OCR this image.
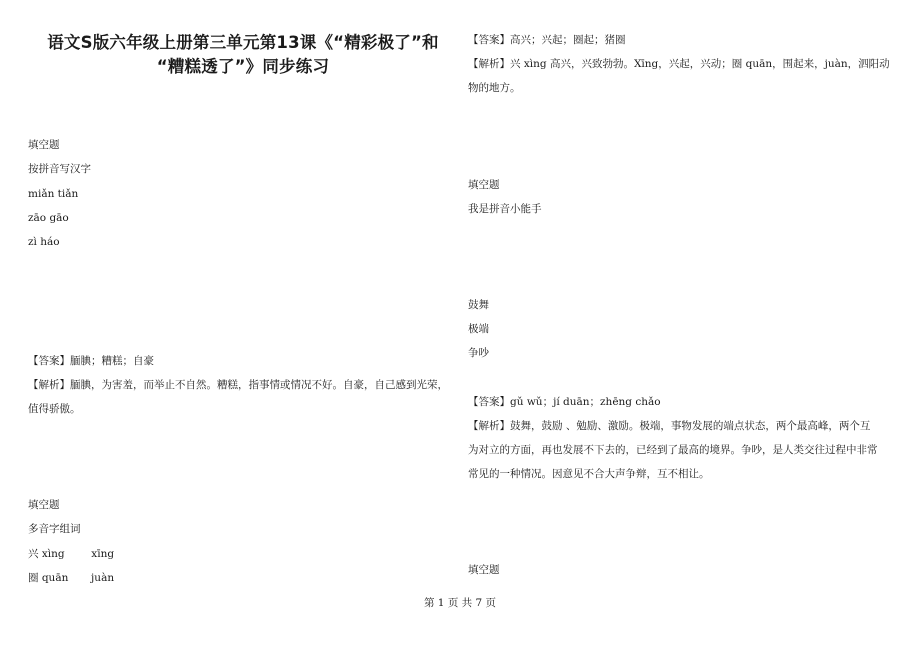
语文S版六年级上册第三单元第13课《“精彩极了”和
“糟糕透了”》同步练习
填空题
按拼音写汉字
miǎn tiǎn
zāo gāo
zì háo
【答案】腼腆；糟糕；自豪
【解析】腼腆，为害羞，而举止不自然。糟糕，指事情或情况不好。自豪，自己感到光荣，
值得骄傲。
填空题
多音字组词
兴 xìng	xīng
圈 quān juàn
【答案】高兴；兴起；圈起；猪圈
【解析】兴 xìng 高兴，兴致勃勃。Xīng，兴起，兴动；圈 quān，围起来，juàn，泗阳动
物的地方。
填空题
我是拼音小能手
鼓舞
极端
争吵
【答案】gǔ wǔ；jí duān；zhēng chǎo
【解析】鼓舞，鼓励 、勉励、激励。极端，事物发展的端点状态，两个最高峰，两个互
为对立的方面，再也发展不下去的，已经到了最高的境界。争吵，是人类交往过程中非常
常见的一种情况。因意见不合大声争辩，互不相让。
填空题
第 1 页 共 7 页
